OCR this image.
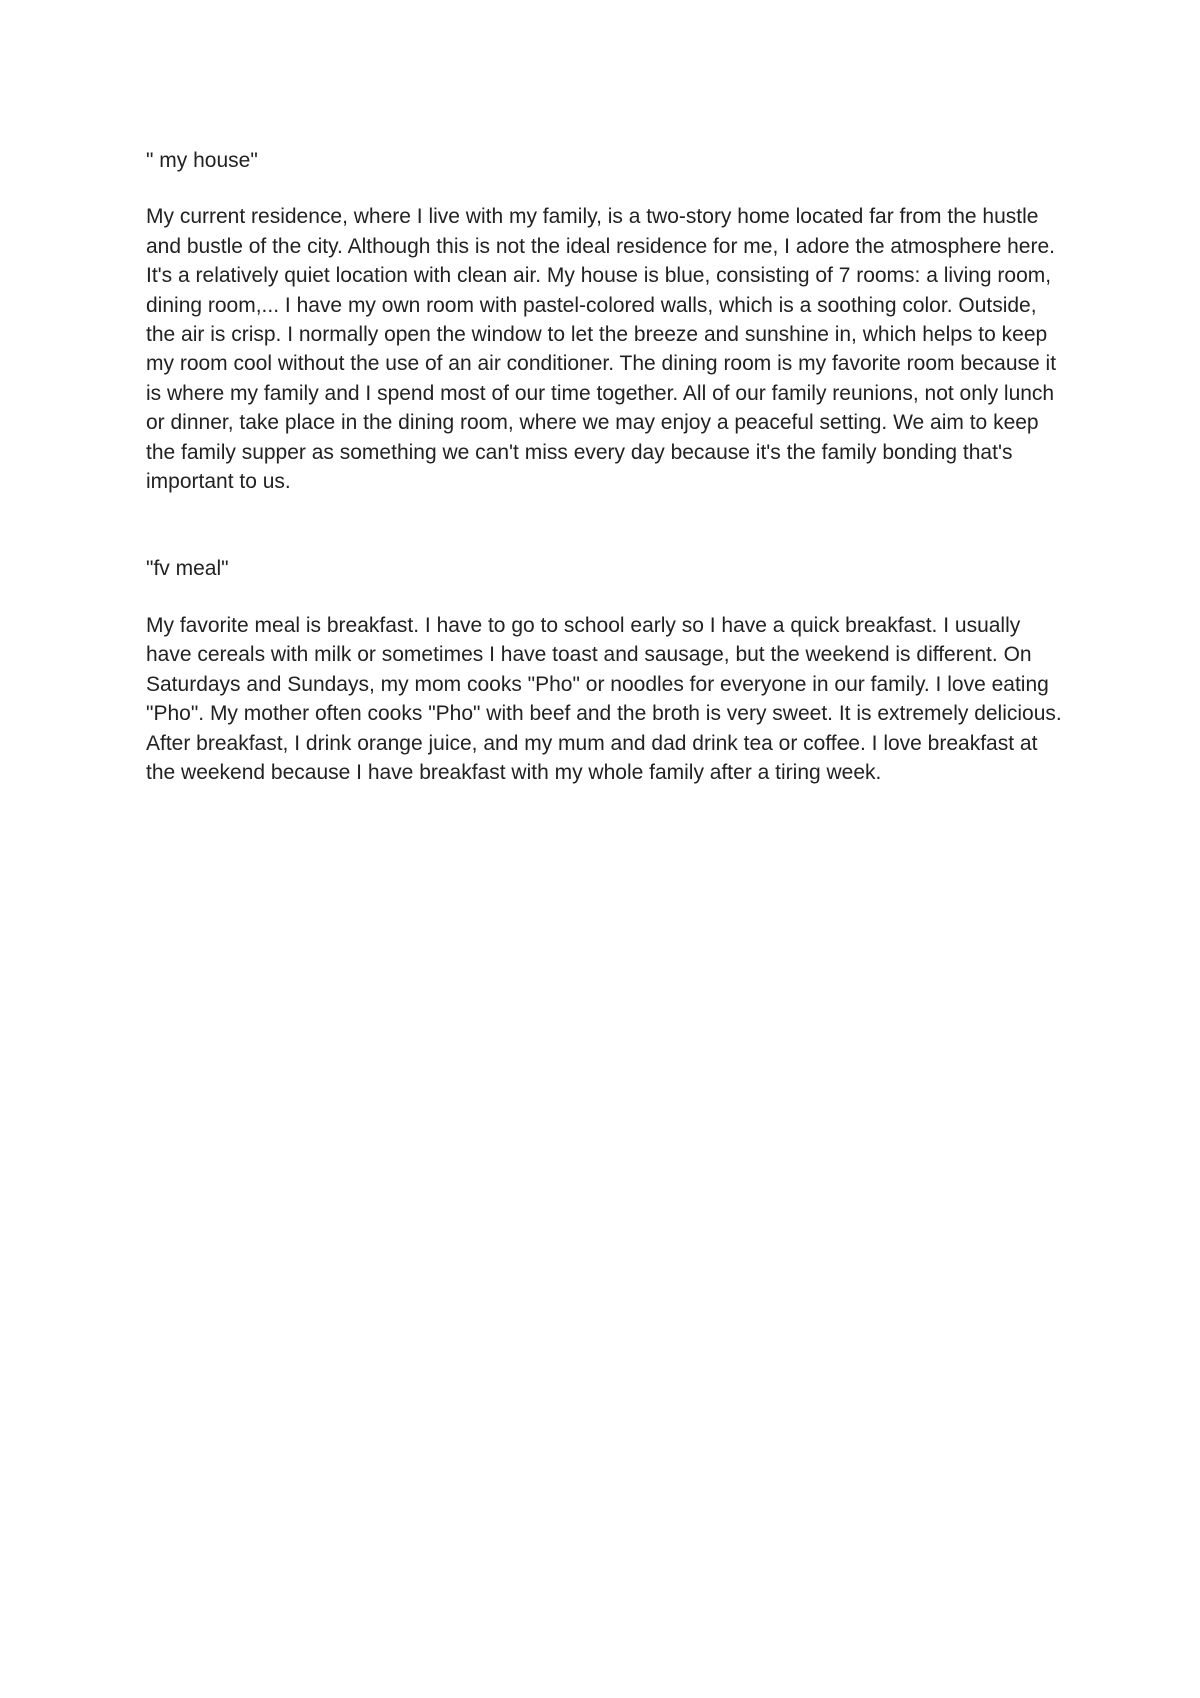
" my house"

My current residence, where I live with my family, is a two-story home located far from the hustle and bustle of the city. Although this is not the ideal residence for me, I adore the atmosphere here. It's a relatively quiet location with clean air. My house is blue, consisting of 7 rooms: a living room, dining room,... I have my own room with pastel-colored walls, which is a soothing color. Outside, the air is crisp. I normally open the window to let the breeze and sunshine in, which helps to keep my room cool without the use of an air conditioner. The dining room is my favorite room because it is where my family and I spend most of our time together. All of our family reunions, not only lunch or dinner, take place in the dining room, where we may enjoy a peaceful setting. We aim to keep the family supper as something we can't miss every day because it's the family bonding that's important to us.

"fv meal"

My favorite meal is breakfast. I have to go to school early so I have a quick breakfast. I usually have cereals with milk or sometimes I have toast and sausage, but the weekend is different. On Saturdays and Sundays, my mom cooks "Pho" or noodles for everyone in our family. I love eating "Pho". My mother often cooks "Pho" with beef and the broth is very sweet. It is extremely delicious. After breakfast, I drink orange juice, and my mum and dad drink tea or coffee. I love breakfast at the weekend because I have breakfast with my whole family after a tiring week.
